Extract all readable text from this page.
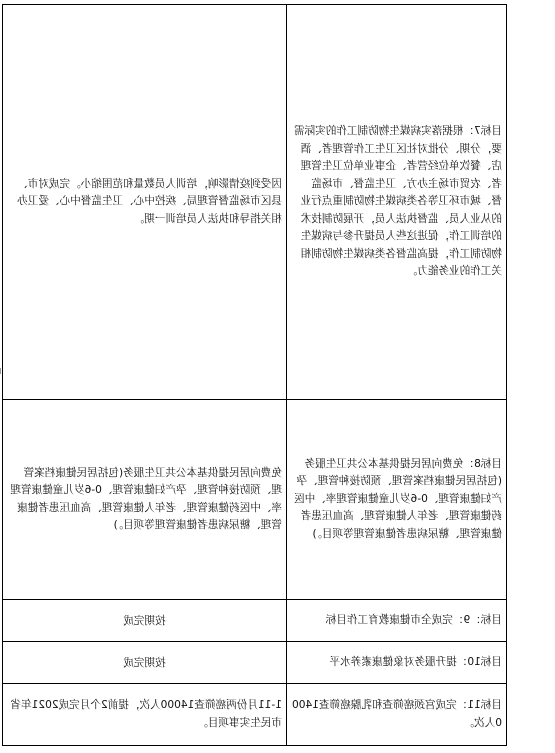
因受到疫情影响，培训人员数量和范围缩小。完成对市、县区市场监督管理局、疾控中心、卫生监督中心、爱卫办相关指导和执法人员培训一期。	目标7：根据落实病媒生物防制工作的实际需要，分期、分批对社区卫生工作管理者、酒店、餐饮单位经营者、企事业单位卫生管理者、农贸市场主办方、卫生监督、市场监督、城市环卫等各类病媒生物防制重点行业的从业人员、监督执法人员，开展防制技术的培训工作，促进这些人员提升参与病媒生物防制工作，提高监督各类病媒生物防制相关工作的业务能力。

免费向居民提供基本公共卫生服务(包括居民健康档案管理、预防接种管理、孕产妇健康管理、0-6岁儿童健康管理率、中医药健康管理、老年人健康管理、高血压患者健康管理、糖尿病患者健康管理等项目。)	目标8：免费向居民提供基本公共卫生服务(包括居民健康档案管理、预防接种管理、孕产妇健康管理、0-6岁儿童健康管理率、中医药健康管理、老年人健康管理、高血压患者健康管理、糖尿病患者健康管理等项目。)

按期完成	目标：9：完成全市健康教育工作目标

按期完成	目标10：提升服务对象健康素养水平

1-11月份两癌筛查14000人次，提前2个月完成2021年省市民生实事项目。	目标11：完成宫颈癌筛查和乳腺癌筛查14000人次。
